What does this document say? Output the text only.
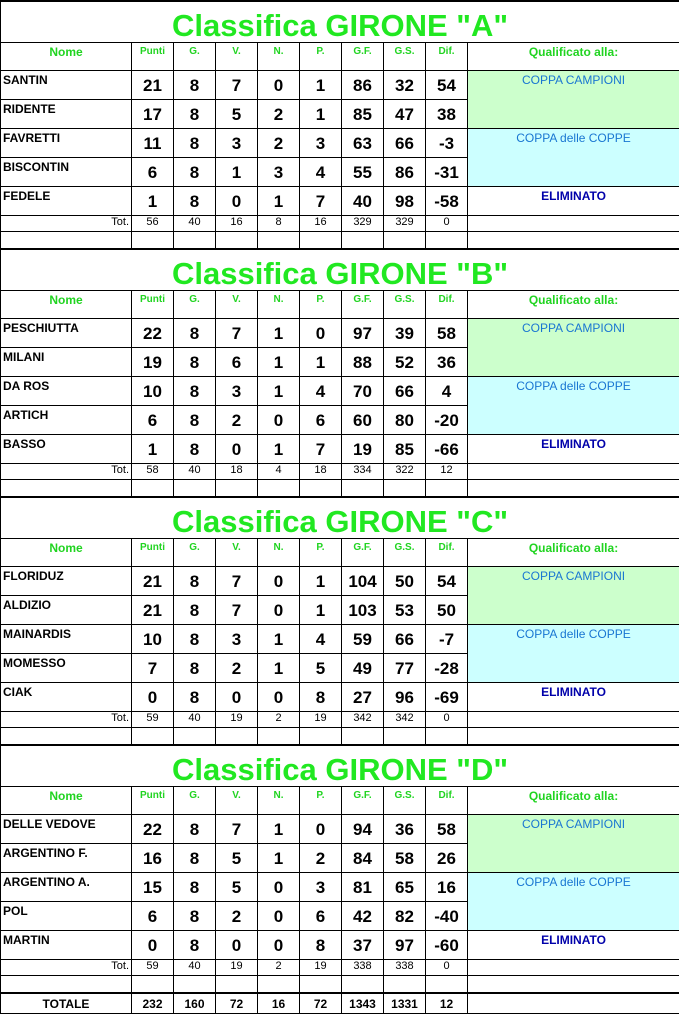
Classifica GIRONE "A"									
Nome	Punti	G.	V.	N.	P.	G.F.	G.S.	Dif.	Qualificato alla:
SANTIN	21	8	7	0	1	86	32	54	COPPA CAMPIONI
RIDENTE	17	8	5	2	1	85	47	38	
FAVRETTI	11	8	3	2	3	63	66	-3	COPPA delle COPPE
BISCONTIN	6	8	1	3	4	55	86	-31	
FEDELE	1	8	0	1	7	40	98	-58	ELIMINATO
Tot.	56	40	16	8	16	329	329	0	

Classifica GIRONE "B"									
Nome	Punti	G.	V.	N.	P.	G.F.	G.S.	Dif.	Qualificato alla:
PESCHIUTTA	22	8	7	1	0	97	39	58	COPPA CAMPIONI
MILANI	19	8	6	1	1	88	52	36	
DA ROS	10	8	3	1	4	70	66	4	COPPA delle COPPE
ARTICH	6	8	2	0	6	60	80	-20	
BASSO	1	8	0	1	7	19	85	-66	ELIMINATO
Tot.	58	40	18	4	18	334	322	12	

Classifica GIRONE "C"									
Nome	Punti	G.	V.	N.	P.	G.F.	G.S.	Dif.	Qualificato alla:
FLORIDUZ	21	8	7	0	1	104	50	54	COPPA CAMPIONI
ALDIZIO	21	8	7	0	1	103	53	50	
MAINARDIS	10	8	3	1	4	59	66	-7	COPPA delle COPPE
MOMESSO	7	8	2	1	5	49	77	-28	
CIAK	0	8	0	0	8	27	96	-69	ELIMINATO
Tot.	59	40	19	2	19	342	342	0	

Classifica GIRONE "D"									
Nome	Punti	G.	V.	N.	P.	G.F.	G.S.	Dif.	Qualificato alla:
DELLE VEDOVE	22	8	7	1	0	94	36	58	COPPA CAMPIONI
ARGENTINO F.	16	8	5	1	2	84	58	26	
ARGENTINO A.	15	8	5	0	3	81	65	16	COPPA delle COPPE
POL	6	8	2	0	6	42	82	-40	
MARTIN	0	8	0	0	8	37	97	-60	ELIMINATO
Tot.	59	40	19	2	19	338	338	0	

TOTALE	232	160	72	16	72	1343	1331	12	
